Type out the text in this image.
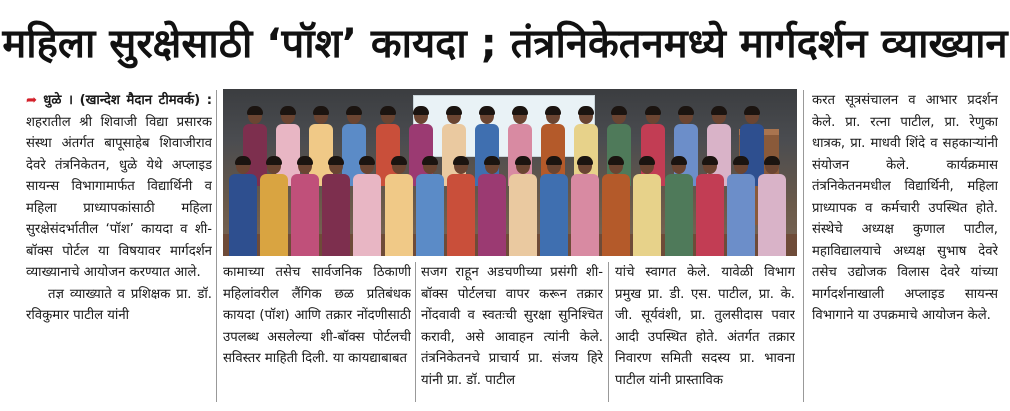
महिला सुरक्षेसाठी ‘पॉश’ कायदा ; तंत्रनिकेतनमध्ये मार्गदर्शन व्याख्यान

➦ धुळे । (खान्देश मैदान टीमवर्क) : शहरातील श्री शिवाजी विद्या प्रसारक संस्था अंतर्गत बापूसाहेब शिवाजीराव देवरे तंत्रनिकेतन, धुळे येथे अप्लाइड सायन्स विभागामार्फत विद्यार्थिनी व महिला प्राध्यापकांसाठी महिला सुरक्षेसंदर्भातील ‘पॉश’ कायदा व शी-बॉक्स पोर्टल या विषयावर मार्गदर्शन व्याख्यानाचे आयोजन करण्यात आले.

तज्ञ व्याख्याते व प्रशिक्षक प्रा. डॉ. रविकुमार पाटील यांनी

कामाच्या तसेच सार्वजनिक ठिकाणी महिलांवरील लैंगिक छळ प्रतिबंधक कायदा (पॉश) आणि तक्रार नोंदणीसाठी उपलब्ध असलेल्या शी-बॉक्स पोर्टलची सविस्तर माहिती दिली. या कायद्याबाबत

सजग राहून अडचणीच्या प्रसंगी शी-बॉक्स पोर्टलचा वापर करून तक्रार नोंदवावी व स्वतःची सुरक्षा सुनिश्चित करावी, असे आवाहन त्यांनी केले. तंत्रनिकेतनचे प्राचार्य प्रा. संजय हिरे यांनी प्रा. डॉ. पाटील

यांचे स्वागत केले. यावेळी विभाग प्रमुख प्रा. डी. एस. पाटील, प्रा. के. जी. सूर्यवंशी, प्रा. तुलसीदास पवार आदी उपस्थित होते. अंतर्गत तक्रार निवारण समिती सदस्य प्रा. भावना पाटील यांनी प्रास्ताविक

करत सूत्रसंचालन व आभार प्रदर्शन केले. प्रा. रत्ना पाटील, प्रा. रेणुका धात्रक, प्रा. माधवी शिंदे व सहकाऱ्यांनी संयोजन केले. कार्यक्रमास तंत्रनिकेतनमधील विद्यार्थिनी, महिला प्राध्यापक व कर्मचारी उपस्थित होते. संस्थेचे अध्यक्ष कुणाल पाटील, महाविद्यालयाचे अध्यक्ष सुभाष देवरे तसेच उद्योजक विलास देवरे यांच्या मार्गदर्शनाखाली अप्लाइड सायन्स विभागाने या उपक्रमाचे आयोजन केले.
